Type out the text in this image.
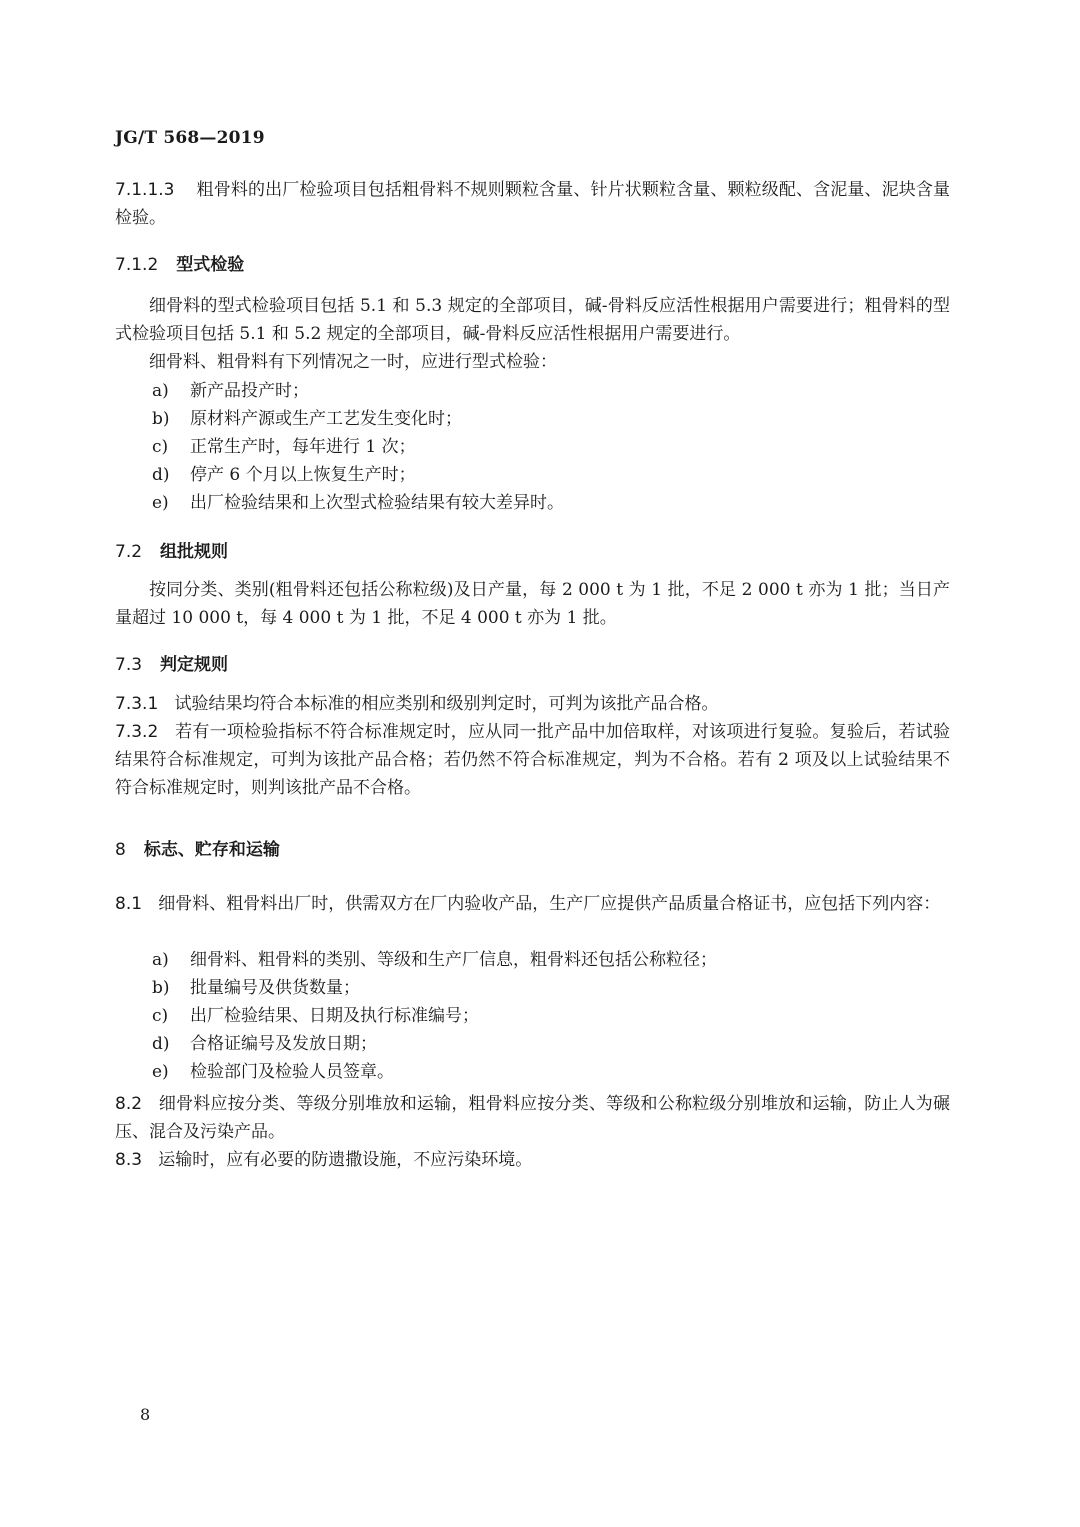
JG/T 568—2019
7.1.1.3 粗骨料的出厂检验项目包括粗骨料不规则颗粒含量、针片状颗粒含量、颗粒级配、含泥量、泥块含量检验。
7.1.2 型式检验
细骨料的型式检验项目包括 5.1 和 5.3 规定的全部项目，碱-骨料反应活性根据用户需要进行；粗骨料的型式检验项目包括 5.1 和 5.2 规定的全部项目，碱-骨料反应活性根据用户需要进行。
细骨料、粗骨料有下列情况之一时，应进行型式检验：
a) 新产品投产时；
b) 原材料产源或生产工艺发生变化时；
c) 正常生产时，每年进行 1 次；
d) 停产 6 个月以上恢复生产时；
e) 出厂检验结果和上次型式检验结果有较大差异时。
7.2 组批规则
按同分类、类别(粗骨料还包括公称粒级)及日产量，每 2 000 t 为 1 批，不足 2 000 t 亦为 1 批；当日产量超过 10 000 t，每 4 000 t 为 1 批，不足 4 000 t 亦为 1 批。
7.3 判定规则
7.3.1 试验结果均符合本标准的相应类别和级别判定时，可判为该批产品合格。
7.3.2 若有一项检验指标不符合标准规定时，应从同一批产品中加倍取样，对该项进行复验。复验后，若试验结果符合标准规定，可判为该批产品合格；若仍然不符合标准规定，判为不合格。若有 2 项及以上试验结果不符合标准规定时，则判该批产品不合格。
8 标志、贮存和运输
8.1 细骨料、粗骨料出厂时，供需双方在厂内验收产品，生产厂应提供产品质量合格证书，应包括下列内容：
a) 细骨料、粗骨料的类别、等级和生产厂信息，粗骨料还包括公称粒径；
b) 批量编号及供货数量；
c) 出厂检验结果、日期及执行标准编号；
d) 合格证编号及发放日期；
e) 检验部门及检验人员签章。
8.2 细骨料应按分类、等级分别堆放和运输，粗骨料应按分类、等级和公称粒级分别堆放和运输，防止人为碾压、混合及污染产品。
8.3 运输时，应有必要的防遗撒设施，不应污染环境。
8
